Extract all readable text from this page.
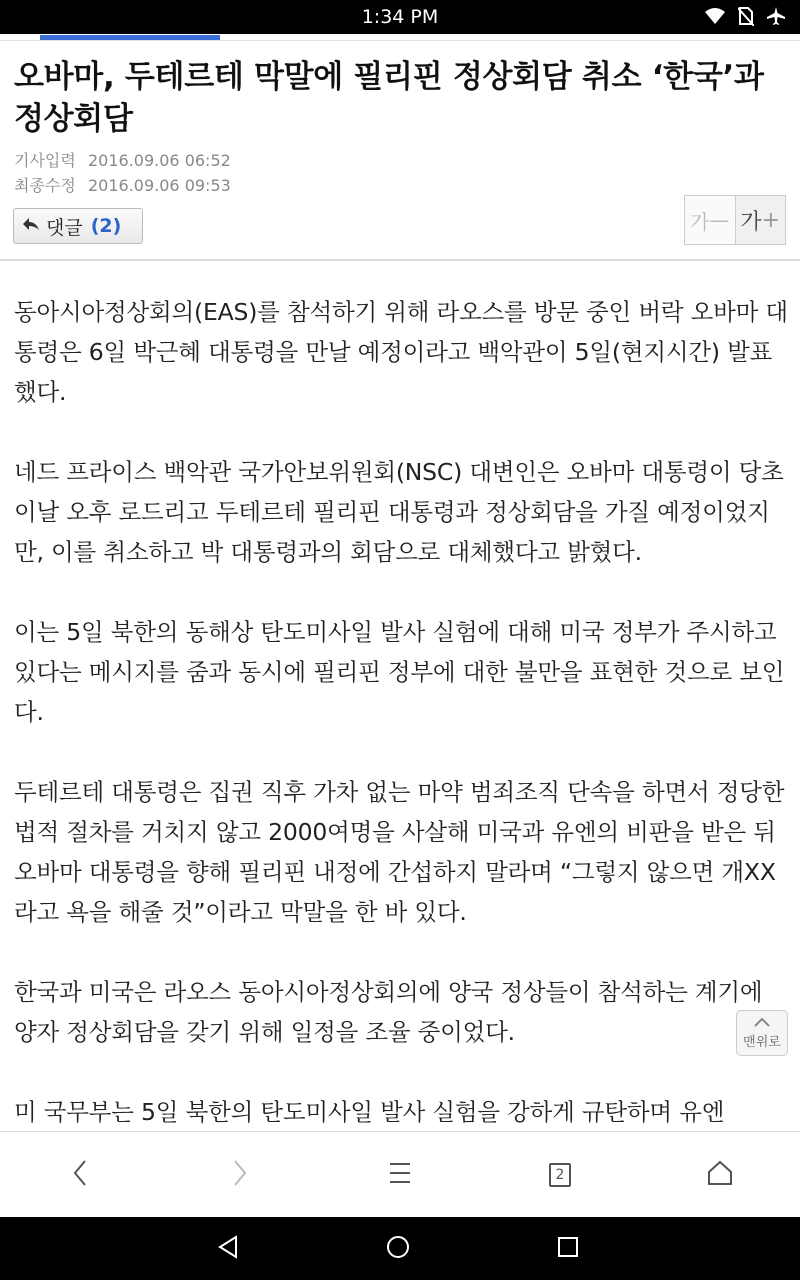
1:34 PM
오바마, 두테르테 막말에 필리핀 정상회담 취소 ‘한국’과 정상회담
기사입력 2016.09.06 06:52
최종수정 2016.09.06 09:53
댓글 (2)	가 — 가 +

동아시아정상회의(EAS)를 참석하기 위해 라오스를 방문 중인 버락 오바마 대통령은 6일 박근혜 대통령을 만날 예정이라고 백악관이 5일(현지시간) 발표했다.

네드 프라이스 백악관 국가안보위원회(NSC) 대변인은 오바마 대통령이 당초 이날 오후 로드리고 두테르테 필리핀 대통령과 정상회담을 가질 예정이었지만, 이를 취소하고 박 대통령과의 회담으로 대체했다고 밝혔다.

이는 5일 북한의 동해상 탄도미사일 발사 실험에 대해 미국 정부가 주시하고 있다는 메시지를 줌과 동시에 필리핀 정부에 대한 불만을 표현한 것으로 보인다.

두테르테 대통령은 집권 직후 가차 없는 마약 범죄조직 단속을 하면서 정당한 법적 절차를 거치지 않고 2000여명을 사살해 미국과 유엔의 비판을 받은 뒤 오바마 대통령을 향해 필리핀 내정에 간섭하지 말라며 “그렇지 않으면 개XX라고 욕을 해줄 것”이라고 막말을 한 바 있다.

한국과 미국은 라오스 동아시아정상회의에 양국 정상들이 참석하는 계기에 양자 정상회담을 갖기 위해 일정을 조율 중이었다.

미 국무부는 5일 북한의 탄도미사일 발사 실험을 강하게 규탄하며 유엔

맨위로
2
